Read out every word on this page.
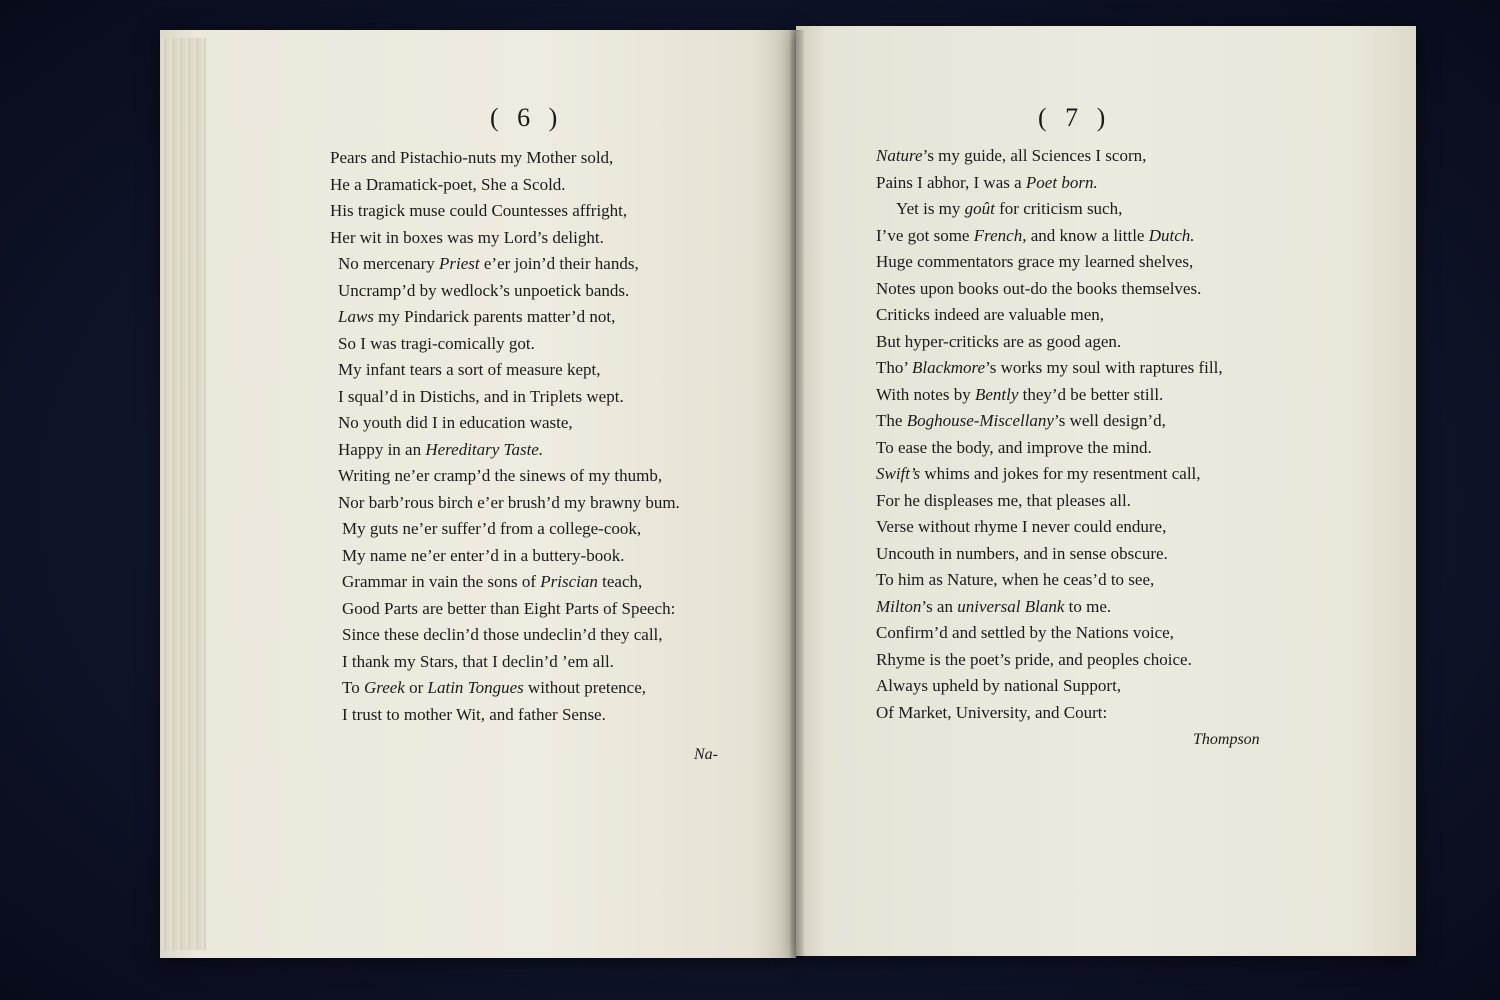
( 6 )	( 7 )
Pears and Pistachio-nuts my Mother sold,
He a Dramatick-poet, She a Scold.
His tragick muse could Countesses affright,
Her wit in boxes was my Lord’s delight.
No mercenary Priest e’er join’d their hands,
Uncramp’d by wedlock’s unpoetick bands.
Laws my Pindarick parents matter’d not,
So I was tragi-comically got.
My infant tears a sort of measure kept,
I squal’d in Distichs, and in Triplets wept.
No youth did I in education waste,
Happy in an Hereditary Taste.
Writing ne’er cramp’d the sinews of my thumb,
Nor barb’rous birch e’er brush’d my brawny bum.
My guts ne’er suffer’d from a college-cook,
My name ne’er enter’d in a buttery-book.
Grammar in vain the sons of Priscian teach,
Good Parts are better than Eight Parts of Speech:
Since these declin’d those undeclin’d they call,
I thank my Stars, that I declin’d ’em all.
To Greek or Latin Tongues without pretence,
I trust to mother Wit, and father Sense.
Nature’s my guide, all Sciences I scorn,
Pains I abhor, I was a Poet born.
Yet is my goût for criticism such,
I’ve got some French, and know a little Dutch.
Huge commentators grace my learned shelves,
Notes upon books out-do the books themselves.
Criticks indeed are valuable men,
But hyper-criticks are as good agen.
Tho’ Blackmore’s works my soul with raptures fill,
With notes by Bently they’d be better still.
The Boghouse-Miscellany’s well design’d,
To ease the body, and improve the mind.
Swift’s whims and jokes for my resentment call,
For he displeases me, that pleases all.
Verse without rhyme I never could endure,
Uncouth in numbers, and in sense obscure.
To him as Nature, when he ceas’d to see,
Milton’s an universal Blank to me.
Confirm’d and settled by the Nations voice,
Rhyme is the poet’s pride, and peoples choice.
Always upheld by national Support,
Of Market, University, and Court:
Na-
Thompson
